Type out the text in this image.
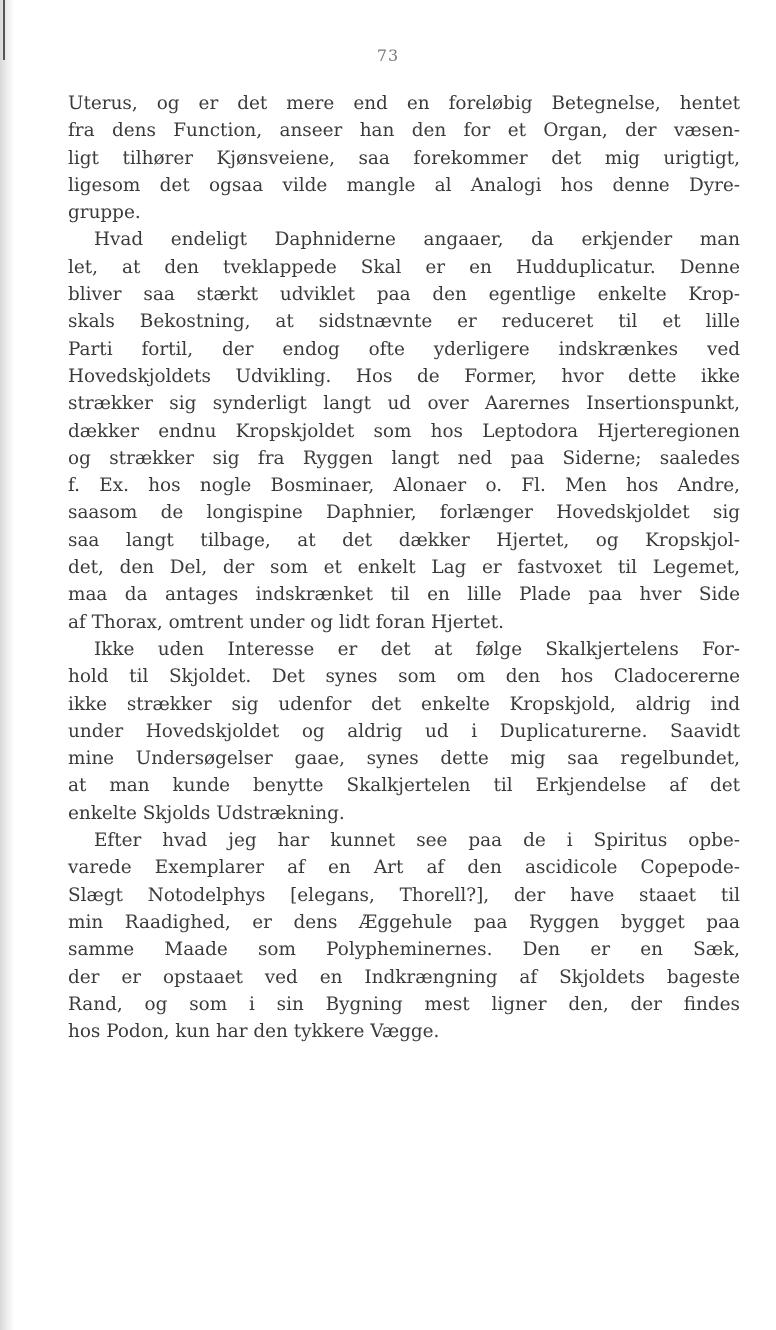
73
Uterus, og er det mere end en foreløbig Betegnelse, hentet
fra dens Function, anseer han den for et Organ, der væsen-
ligt tilhører Kjønsveiene, saa forekommer det mig urigtigt,
ligesom det ogsaa vilde mangle al Analogi hos denne Dyre-
gruppe.
Hvad endeligt Daphniderne angaaer, da erkjender man
let, at den tveklappede Skal er en Hudduplicatur. Denne
bliver saa stærkt udviklet paa den egentlige enkelte Krop-
skals Bekostning, at sidstnævnte er reduceret til et lille
Parti fortil, der endog ofte yderligere indskrænkes ved
Hovedskjoldets Udvikling. Hos de Former, hvor dette ikke
strækker sig synderligt langt ud over Aarernes Insertionspunkt,
dækker endnu Kropskjoldet som hos Leptodora Hjerteregionen
og strækker sig fra Ryggen langt ned paa Siderne; saaledes
f. Ex. hos nogle Bosminaer, Alonaer o. Fl. Men hos Andre,
saasom de longispine Daphnier, forlænger Hovedskjoldet sig
saa langt tilbage, at det dækker Hjertet, og Kropskjol-
det, den Del, der som et enkelt Lag er fastvoxet til Legemet,
maa da antages indskrænket til en lille Plade paa hver Side
af Thorax, omtrent under og lidt foran Hjertet.
Ikke uden Interesse er det at følge Skalkjertelens For-
hold til Skjoldet. Det synes som om den hos Cladocererne
ikke strækker sig udenfor det enkelte Kropskjold, aldrig ind
under Hovedskjoldet og aldrig ud i Duplicaturerne. Saavidt
mine Undersøgelser gaae, synes dette mig saa regelbundet,
at man kunde benytte Skalkjertelen til Erkjendelse af det
enkelte Skjolds Udstrækning.
Efter hvad jeg har kunnet see paa de i Spiritus opbe-
varede Exemplarer af en Art af den ascidicole Copepode-
Slægt Notodelphys [elegans, Thorell?], der have staaet til
min Raadighed, er dens Æggehule paa Ryggen bygget paa
samme Maade som Polypheminernes. Den er en Sæk,
der er opstaaet ved en Indkrængning af Skjoldets bageste
Rand, og som i sin Bygning mest ligner den, der findes
hos Podon, kun har den tykkere Vægge.
